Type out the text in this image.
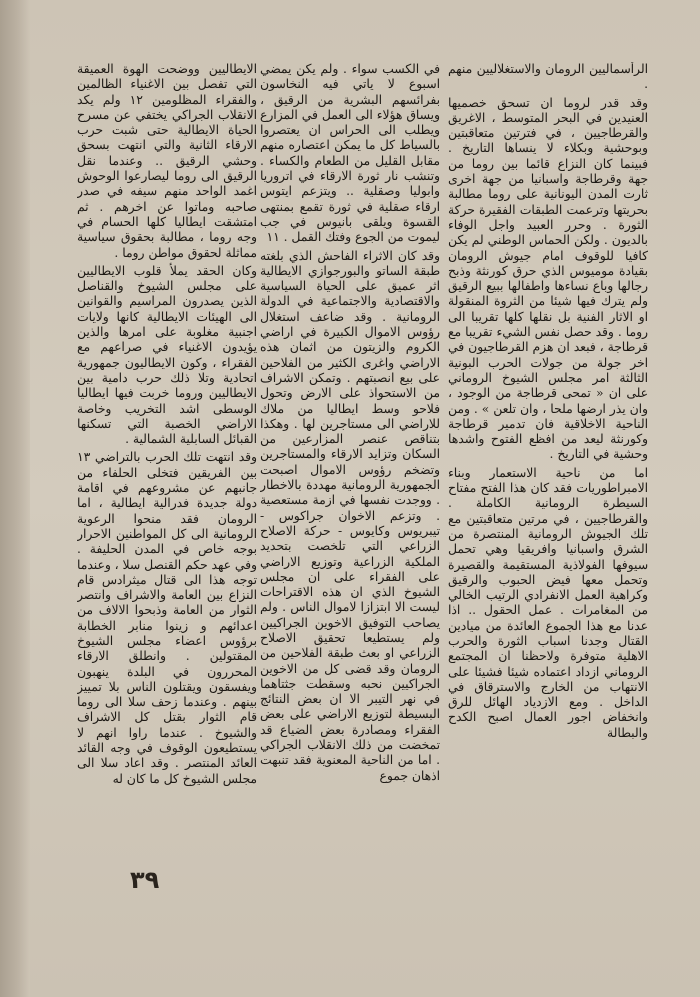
الرأسماليين الرومان والاستغلاليين منهم .

وقد قدر لروما ان تسحق خصميها العنيدين في البحر المتوسط ، الاغريق والقرطاجيين ، في فترتين متعاقبتين وبوحشية وبكلاء لا ينساها التاريخ . فبينما كان النزاع قائما بين روما من جهة وقرطاجة واسبانيا من جهة اخرى ثارت المدن اليونانية على روما مطالبة بحريتها وترعمت الطبقات الفقيرة حركة الثورة . وحرر العبيد واجل الوفاء بالديون . ولكن الحماس الوطني لم يكن كافيا للوقوف امام جيوش الرومان بقيادة موميوس الذي حرق كورنثة وذبح رجالها وباع نساءها واطفالها ببيع الرقيق ولم يترك فيها شيئا من الثروة المنقولة او الاثار الفنية بل نقلها كلها تقريبا الى روما . وقد حصل نفس الشيء تقريبا مع قرطاجة ، فبعد ان هزم القرطاجيون في اخر جولة من جولات الحرب البونية الثالثة امر مجلس الشيوخ الروماني على ان « تمحى قرطاجة من الوجود ، وان يذر ارضها ملحا ، وان تلعن » . ومن الناحية الاخلاقية فان تدمير قرطاجة وكورنثة ليعد من افظع الفتوح واشدها وحشية في التاريخ .

اما من ناحية الاستعمار وبناء الامبراطوريات فقد كان هذا الفتح مفتاح السيطرة الرومانية الكاملة . والقرطاجيين ، في مرتين متعاقبتين مع تلك الجيوش الرومانية المنتصرة من الشرق واسبانيا وافريقيا وهي تحمل سيوفها الفولاذية المستقيمة والقصيرة وتحمل معها فيض الحبوب والرقيق وكراهية العمل الانفرادي الرتيب الخالي من المغامرات . عمل الحقول .. اذا عدنا مع هذا الجموع العائدة من ميادين القتال وجدنا اسباب الثورة والحرب الاهلية متوفرة ولاحظنا ان المجتمع الروماني ازداد اعتماده شيئا فشيئا على الانتهاب من الخارج والاسترقاق في الداخل . ومع الازدياد الهائل للرق وانخفاض اجور العمال اصبح الكدح والبطالة

في الكسب سواء . ولم يكن يمضي اسبوع لا ياتي فيه النخاسون بفرائسهم البشرية من الرقيق ، ويساق هؤلاء الى العمل في المزارع ويطلب الى الحراس ان يعتصروا بالسياط كل ما يمكن اعتصاره منهم مقابل القليل من الطعام والكساء . وتنشب نار ثورة الارقاء في اتروريا وابوليا وصقلية .. ويتزعم ايتوس ارقاء صقلية في ثورة تقمع بمنتهى القسوة ويلقى بانيوس في جب ليموت من الجوع وفتك القمل . ١١

وقد كان الاثراء الفاحش الذي بلغته طبقة الساتو والبورجوازي الايطالية اثر عميق على الحياة السياسية والاقتصادية والاجتماعية في الدولة الرومانية . وقد ضاعف استغلال رؤوس الاموال الكبيرة في اراضي الكروم والزيتون من اثمان هذه الاراضي واغرى الكثير من الفلاحين على بيع انصبتهم . وتمكن الاشراف من الاستحواذ على الارض وتحول فلاحو وسط ايطاليا من ملاك للاراضي الى مستاجرين لها . وهكذا بتناقص عنصر المزارعين من السكان وتزايد الارقاء والمستاجرين وتضخم رؤوس الاموال اصبحت الجمهورية الرومانية مهددة بالاخطار . ووجدت نفسها في ازمة مستعصية . وتزعم الاخوان جراكوس - تيبريوس وكايوس - حركة الاصلاح الزراعي التي تلخصت بتحديد الملكية الزراعية وتوزيع الاراضي على الفقراء على ان مجلس الشيوخ الذي ان هذه الاقتراحات ليست الا ابتزازا لاموال الناس . ولم يصاحب التوفيق الاخوين الجراكيين ولم يستطيعا تحقيق الاصلاح الزراعي او بعث طبقة الفلاحين من الرومان وقد قضى كل من الاخوين الجراكيين نحبه وسقطت جثتاهما في نهر التيبر الا ان بعض النتائج البسيطة لتوزيع الاراضي على بعض الفقراء ومصادرة بعض الضياع قد تمخضت من ذلك الانقلاب الجراكي . اما من الناحية المعنوية فقد تنبهت اذهان جموع

الايطاليين ووضحت الهوة العميقة التي تفصل بين الاغنياء الظالمين والفقراء المظلومين ١٢ ولم يكد الانقلاب الجراكي يختفي عن مسرح الحياة الايطالية حتى شبت حرب الارقاء الثانية والتي انتهت بسحق وحشي الرقيق .. وعندما نقل الرقيق الى روما ليصارعوا الوحوش اغمد الواحد منهم سيفه في صدر صاحبه وماتوا عن اخرهم . ثم امتشقت ايطاليا كلها الحسام في وجه روما ، مطالبة بحقوق سياسية مماثلة لحقوق مواطن روما .

وكان الحقد يملأ قلوب الايطاليين على مجلس الشيوخ والقناصل الذين يصدرون المراسيم والقوانين الى الهيئات الايطالية كانها ولايات اجنبية مغلوبة على امرها والذين يؤيدون الاغنياء في صراعهم مع الفقراء ، وكون الايطاليون جمهورية اتحادية وتلا ذلك حرب دامية بين الايطاليين وروما خربت فيها ايطاليا الوسطى اشد التخريب وخاصة الاراضي الخصبة التي تسكنها القبائل السابلية الشمالية .

وقد انتهت تلك الحرب بالتراضي ١٣ بين الفريقين فتخلى الحلفاء من جانبهم عن مشروعهم في اقامة دولة جديدة فدرالية ايطالية ، اما الرومان فقد منحوا الرعوية الرومانية الى كل المواطنين الاحرار بوجه خاص في المدن الحليفة . وفي عهد حكم القنصل سلا ، وعندما توجه هذا الى قتال ميثرادس قام النزاع بين العامة والاشراف وانتصر الثوار من العامة وذبحوا الالاف من اعدائهم و زينوا منابر الخطابة برؤوس اعضاء مجلس الشيوخ المقتولين . وانطلق الارقاء المحررون في البلدة ينهبون ويفسقون ويقتلون الناس بلا تمييز بينهم . وعندما زحف سلا الى روما قام الثوار بقتل كل الاشراف والشيوخ . عندما راوا انهم لا يستطيعون الوقوف في وجه القائد العائد المنتصر . وقد اعاد سلا الى مجلس الشيوخ كل ما كان له

٣٩
